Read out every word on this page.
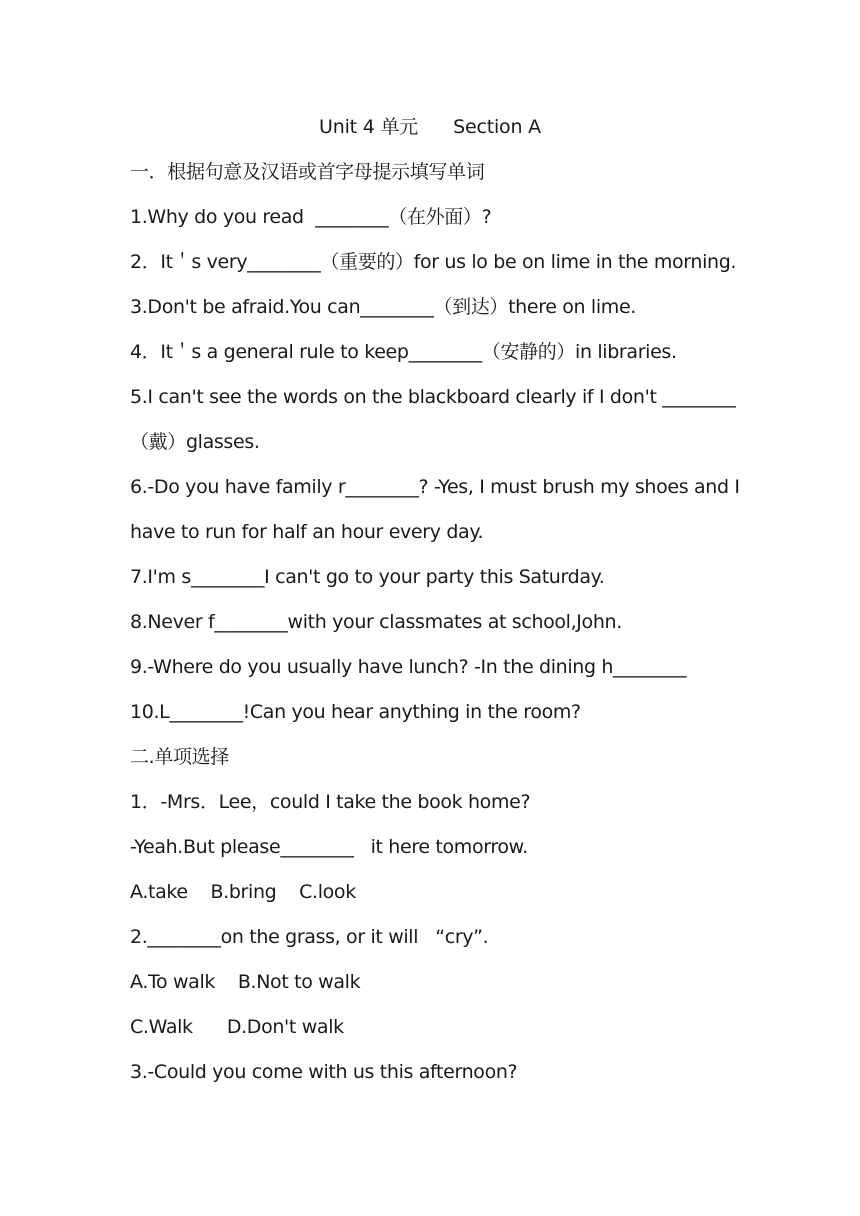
Unit 4 单元      Section A
一．根据句意及汉语或首字母提示填写单词
1.Why do you read  ________（在外面）?
2．It＇s very________（重要的）for us lo be on lime in the morning.
3.Don't be afraid.You can________（到达）there on lime.
4．It＇s a general rule to keep________（安静的）in libraries.
5.I can't see the words on the blackboard clearly if I don't ________
（戴）glasses.
6.-Do you have family r________? -Yes, I must brush my shoes and I
have to run for half an hour every day.
7.I'm s________I can't go to your party this Saturday.
8.Never f________with your classmates at school,John.
9.-Where do you usually have lunch? -In the dining h________
10.L________!Can you hear anything in the room?
二.单项选择
1．-Mrs．Lee，could I take the book home?
-Yeah.But please________   it here tomorrow.
A.take    B.bring    C.look
2.________on the grass, or it will   “cry”.
A.To walk    B.Not to walk
C.Walk      D.Don't walk
3.-Could you come with us this afternoon?
